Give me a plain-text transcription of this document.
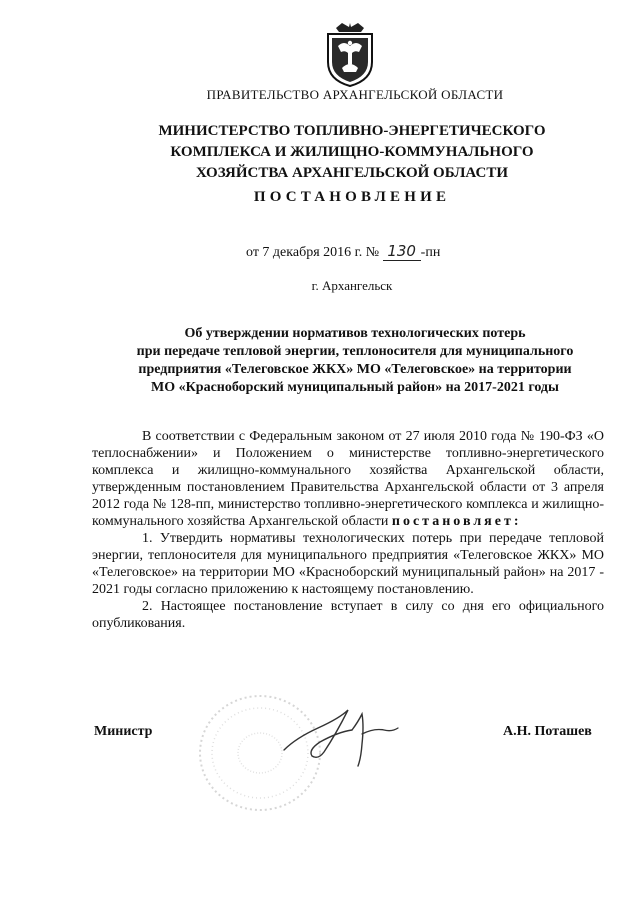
ПРАВИТЕЛЬСТВО АРХАНГЕЛЬСКОЙ ОБЛАСТИ
МИНИСТЕРСТВО ТОПЛИВНО-ЭНЕРГЕТИЧЕСКОГО
КОМПЛЕКСА И ЖИЛИЩНО-КОММУНАЛЬНОГО
ХОЗЯЙСТВА АРХАНГЕЛЬСКОЙ ОБЛАСТИ
ПОСТАНОВЛЕНИЕ
от 7 декабря 2016 г. № 130 -пн
г. Архангельск
Об утверждении нормативов технологических потерь
при передаче тепловой энергии, теплоносителя для муниципального
предприятия «Телеговское ЖКХ» МО «Телеговское» на территории
МО «Красноборский муниципальный район» на 2017-2021 годы

В соответствии с Федеральным законом от 27 июля 2010 года № 190-ФЗ «О теплоснабжении» и Положением о министерстве топливно-энергетического комплекса и жилищно-коммунального хозяйства Архангельской области, утвержденным постановлением Правительства Архангельской области от 3 апреля 2012 года № 128-пп, министерство топливно-энергетического комплекса и жилищно-коммунального хозяйства Архангельской области постановляет:

1. Утвердить нормативы технологических потерь при передаче тепловой энергии, теплоносителя для муниципального предприятия «Телеговское ЖКХ» МО «Телеговское» на территории МО «Красноборский муниципальный район» на 2017 - 2021 годы согласно приложению к настоящему постановлению.

2. Настоящее постановление вступает в силу со дня его официального опубликования.

Министр	А.Н. Поташев
